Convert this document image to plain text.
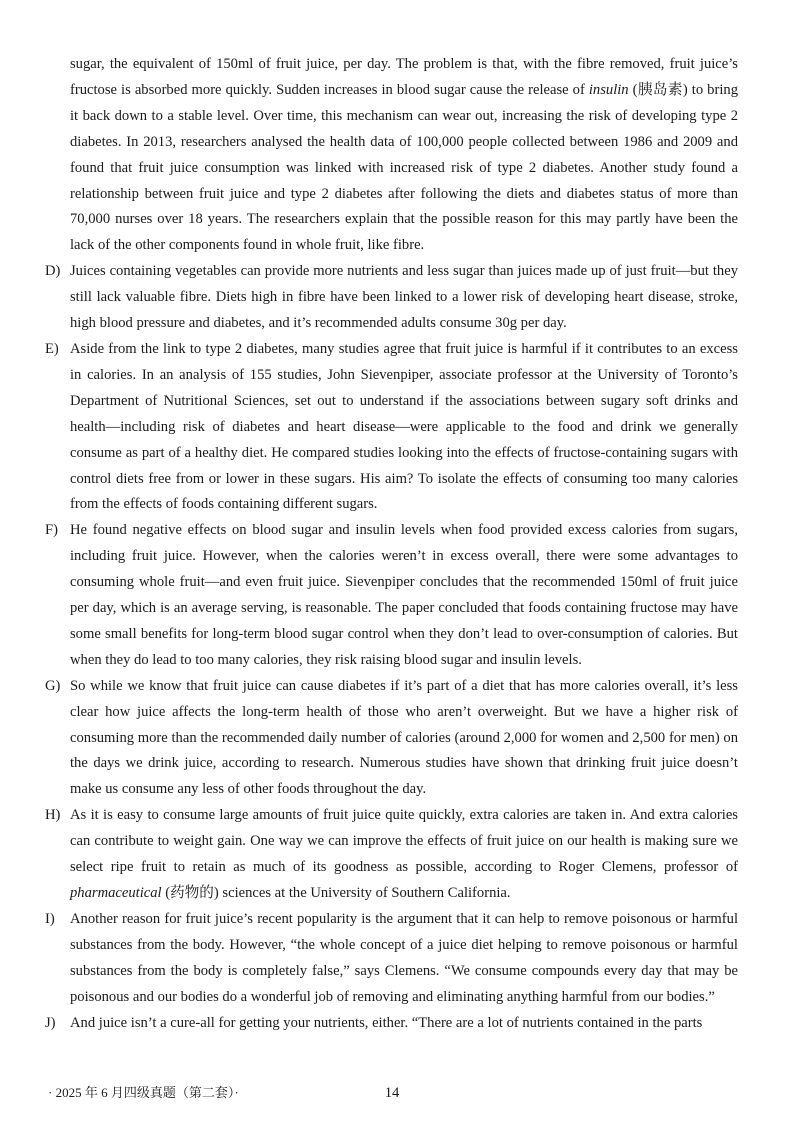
sugar, the equivalent of 150ml of fruit juice, per day. The problem is that, with the fibre removed, fruit juice’s fructose is absorbed more quickly. Sudden increases in blood sugar cause the release of insulin (胰岛素) to bring it back down to a stable level. Over time, this mechanism can wear out, increasing the risk of developing type 2 diabetes. In 2013, researchers analysed the health data of 100,000 people collected between 1986 and 2009 and found that fruit juice consumption was linked with increased risk of type 2 diabetes. Another study found a relationship between fruit juice and type 2 diabetes after following the diets and diabetes status of more than 70,000 nurses over 18 years. The researchers explain that the possible reason for this may partly have been the lack of the other components found in whole fruit, like fibre.

D) Juices containing vegetables can provide more nutrients and less sugar than juices made up of just fruit—but they still lack valuable fibre. Diets high in fibre have been linked to a lower risk of developing heart disease, stroke, high blood pressure and diabetes, and it’s recommended adults consume 30g per day.

E) Aside from the link to type 2 diabetes, many studies agree that fruit juice is harmful if it contributes to an excess in calories. In an analysis of 155 studies, John Sievenpiper, associate professor at the University of Toronto’s Department of Nutritional Sciences, set out to understand if the associations between sugary soft drinks and health—including risk of diabetes and heart disease—were applicable to the food and drink we generally consume as part of a healthy diet. He compared studies looking into the effects of fructose-containing sugars with control diets free from or lower in these sugars. His aim? To isolate the effects of consuming too many calories from the effects of foods containing different sugars.

F) He found negative effects on blood sugar and insulin levels when food provided excess calories from sugars, including fruit juice. However, when the calories weren’t in excess overall, there were some advantages to consuming whole fruit—and even fruit juice. Sievenpiper concludes that the recommended 150ml of fruit juice per day, which is an average serving, is reasonable. The paper concluded that foods containing fructose may have some small benefits for long-term blood sugar control when they don’t lead to over-consumption of calories. But when they do lead to too many calories, they risk raising blood sugar and insulin levels.

G) So while we know that fruit juice can cause diabetes if it’s part of a diet that has more calories overall, it’s less clear how juice affects the long-term health of those who aren’t overweight. But we have a higher risk of consuming more than the recommended daily number of calories (around 2,000 for women and 2,500 for men) on the days we drink juice, according to research. Numerous studies have shown that drinking fruit juice doesn’t make us consume any less of other foods throughout the day.

H) As it is easy to consume large amounts of fruit juice quite quickly, extra calories are taken in. And extra calories can contribute to weight gain. One way we can improve the effects of fruit juice on our health is making sure we select ripe fruit to retain as much of its goodness as possible, according to Roger Clemens, professor of pharmaceutical (药物的) sciences at the University of Southern California.

I)	Another reason for fruit juice’s recent popularity is the argument that it can help to remove poisonous or harmful substances from the body. However, “the whole concept of a juice diet helping to remove poisonous or harmful substances from the body is completely false,” says Clemens. “We consume compounds every day that may be poisonous and our bodies do a wonderful job of removing and eliminating anything harmful from our bodies.”

J) And juice isn’t a cure-all for getting your nutrients, either. “There are a lot of nutrients contained in the parts

· 2025 年 6 月四级真题（第二套）·	14
